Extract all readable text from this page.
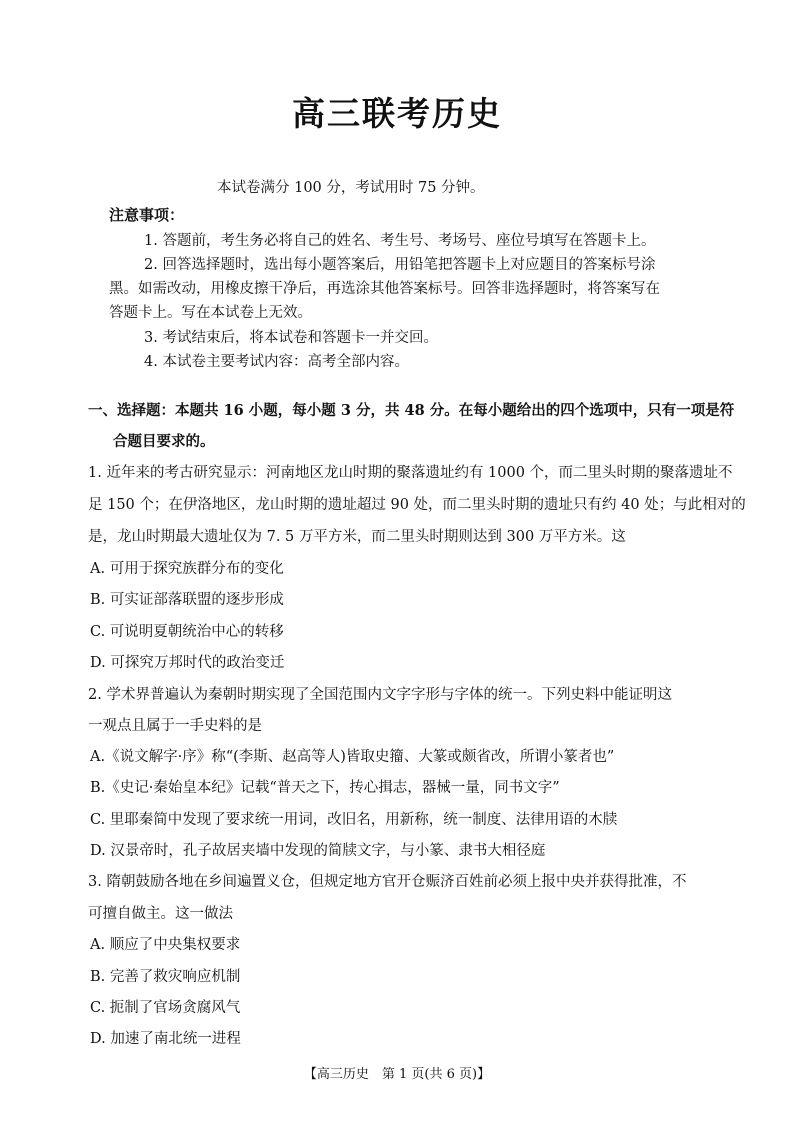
高三联考历史
本试卷满分 100 分，考试用时 75 分钟。
注意事项：
1. 答题前，考生务必将自己的姓名、考生号、考场号、座位号填写在答题卡上。
2. 回答选择题时，选出每小题答案后，用铅笔把答题卡上对应题目的答案标号涂
黑。如需改动，用橡皮擦干净后，再选涂其他答案标号。回答非选择题时，将答案写在
答题卡上。写在本试卷上无效。
3. 考试结束后，将本试卷和答题卡一并交回。
4. 本试卷主要考试内容：高考全部内容。
一、选择题：本题共 16 小题，每小题 3 分，共 48 分。在每小题给出的四个选项中，只有一项是符
合题目要求的。
1. 近年来的考古研究显示：河南地区龙山时期的聚落遗址约有 1000 个，而二里头时期的聚落遗址不
足 150 个；在伊洛地区，龙山时期的遗址超过 90 处，而二里头时期的遗址只有约 40 处；与此相对的
是，龙山时期最大遗址仅为 7. 5 万平方米，而二里头时期则达到 300 万平方米。这
A. 可用于探究族群分布的变化
B. 可实证部落联盟的逐步形成
C. 可说明夏朝统治中心的转移
D. 可探究万邦时代的政治变迁
2. 学术界普遍认为秦朝时期实现了全国范围内文字字形与字体的统一。下列史料中能证明这
一观点且属于一手史料的是
A.《说文解字·序》称“(李斯、赵高等人)皆取史籀、大篆或颇省改，所谓小篆者也”
B.《史记·秦始皇本纪》记载“普天之下，抟心揖志，器械一量，同书文字”
C. 里耶秦简中发现了要求统一用词，改旧名，用新称，统一制度、法律用语的木牍
D. 汉景帝时，孔子故居夹墙中发现的简牍文字，与小篆、隶书大相径庭
3. 隋朝鼓励各地在乡间遍置义仓，但规定地方官开仓赈济百姓前必须上报中央并获得批准，不
可擅自做主。这一做法
A. 顺应了中央集权要求
B. 完善了救灾响应机制
C. 扼制了官场贪腐风气
D. 加速了南北统一进程
【高三历史　第 1 页(共 6 页)】
